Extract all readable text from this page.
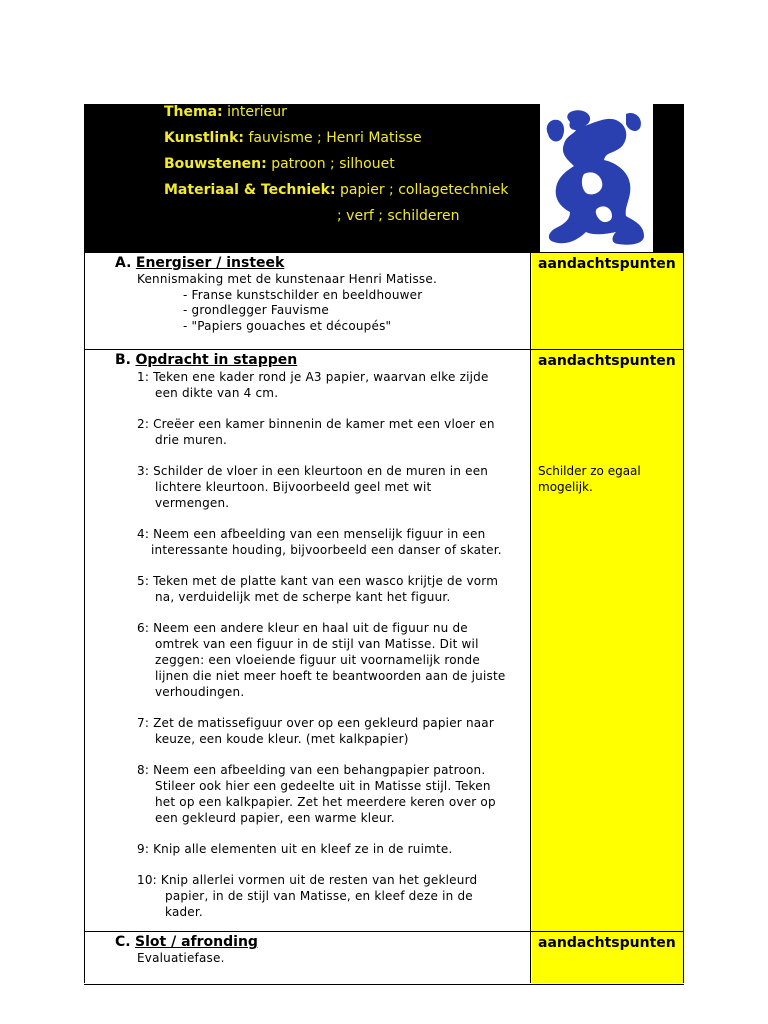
Thema: interieur
Kunstlink: fauvisme ; Henri Matisse
Bouwstenen: patroon ; silhouet
Materiaal & Techniek: papier ; collagetechniek
; verf ; schilderen
A. Energiser / insteek
Kennismaking met de kunstenaar Henri Matisse.
- Franse kunstschilder en beeldhouwer
- grondlegger Fauvisme
- "Papiers gouaches et découpés"
aandachtspunten
B. Opdracht in stappen
1: Teken ene kader rond je A3 papier, waarvan elke zijde
een dikte van 4 cm.
2: Creëer een kamer binnenin de kamer met een vloer en
drie muren.
3: Schilder de vloer in een kleurtoon en de muren in een
lichtere kleurtoon. Bijvoorbeeld geel met wit
vermengen.
4: Neem een afbeelding van een menselijk figuur in een
interessante houding, bijvoorbeeld een danser of skater.
5: Teken met de platte kant van een wasco krijtje de vorm
na, verduidelijk met de scherpe kant het figuur.
6: Neem een andere kleur en haal uit de figuur nu de
omtrek van een figuur in de stijl van Matisse. Dit wil
zeggen: een vloeiende figuur uit voornamelijk ronde
lijnen die niet meer hoeft te beantwoorden aan de juiste
verhoudingen.
7: Zet de matissefiguur over op een gekleurd papier naar
keuze, een koude kleur. (met kalkpapier)
8: Neem een afbeelding van een behangpapier patroon.
Stileer ook hier een gedeelte uit in Matisse stijl. Teken
het op een kalkpapier. Zet het meerdere keren over op
een gekleurd papier, een warme kleur.
9: Knip alle elementen uit en kleef ze in de ruimte.
10: Knip allerlei vormen uit de resten van het gekleurd
papier, in de stijl van Matisse, en kleef deze in de
kader.
aandachtspunten
Schilder zo egaal mogelijk.
C. Slot / afronding
Evaluatiefase.
aandachtspunten
